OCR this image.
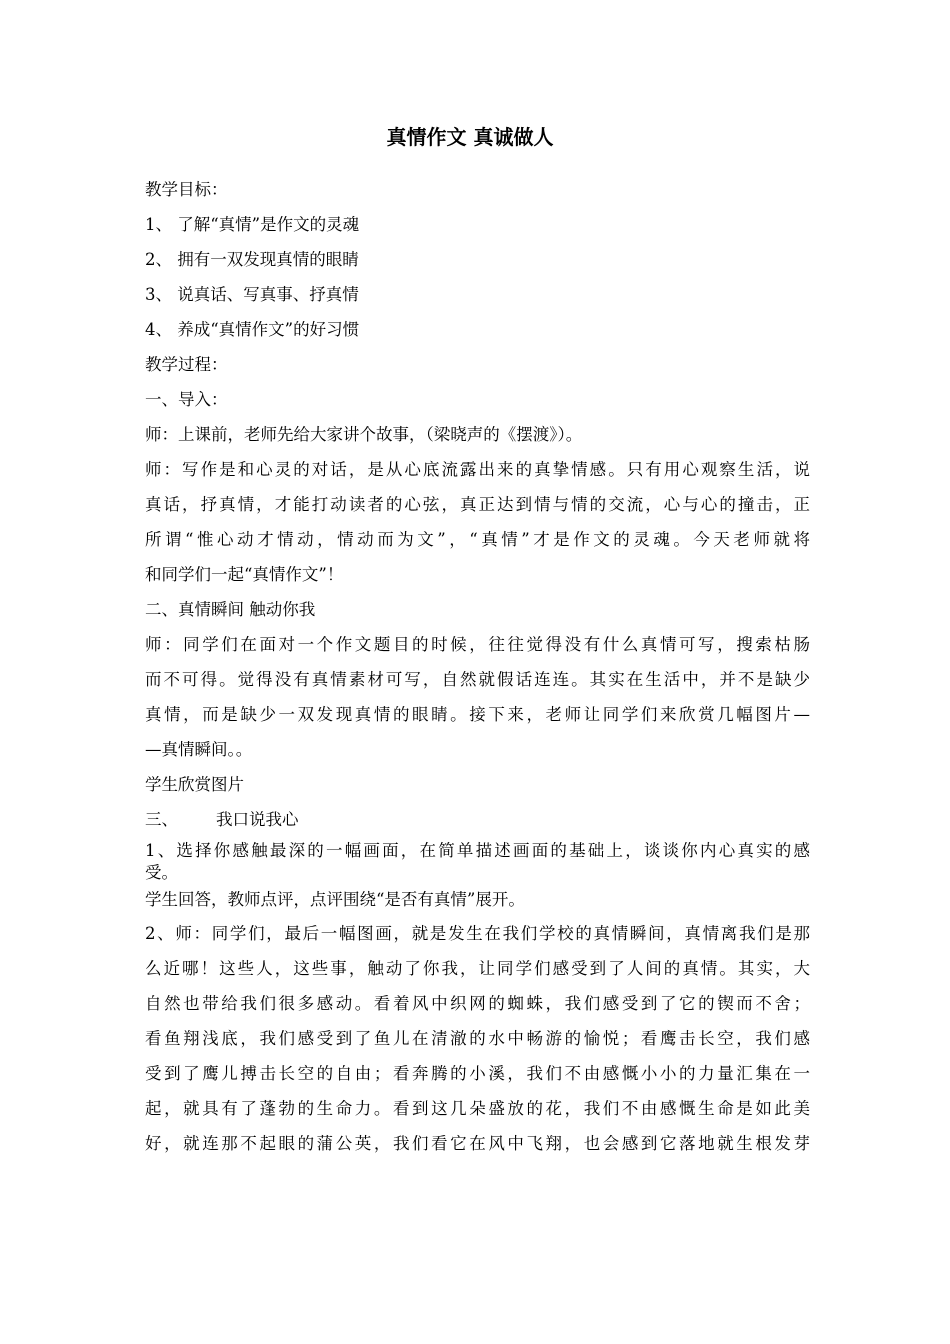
真情作文 真诚做人
教学目标：
1、 了解“真情”是作文的灵魂
2、 拥有一双发现真情的眼睛
3、 说真话、写真事、抒真情
4、 养成“真情作文”的好习惯
教学过程：
一、导入：
师：上课前，老师先给大家讲个故事，（梁晓声的《摆渡》）。
师：写作是和心灵的对话，是从心底流露出来的真挚情感。只有用心观察生活，说
真话，抒真情，才能打动读者的心弦，真正达到情与情的交流，心与心的撞击，正
所谓“惟心动才情动，情动而为文”，“真情”才是作文的灵魂。今天老师就将
和同学们一起“真情作文”！
二、真情瞬间 触动你我
师：同学们在面对一个作文题目的时候，往往觉得没有什么真情可写，搜索枯肠
而不可得。觉得没有真情素材可写，自然就假话连连。其实在生活中，并不是缺少
真情，而是缺少一双发现真情的眼睛。接下来，老师让同学们来欣赏几幅图片—
—真情瞬间。。
学生欣赏图片
三、 我口说我心
1、选择你感触最深的一幅画面，在简单描述画面的基础上，谈谈你内心真实的感
受。
学生回答，教师点评，点评围绕“是否有真情”展开。
2、师：同学们，最后一幅图画，就是发生在我们学校的真情瞬间，真情离我们是那
么近哪！这些人，这些事，触动了你我，让同学们感受到了人间的真情。其实，大
自然也带给我们很多感动。看着风中织网的蜘蛛，我们感受到了它的锲而不舍；
看鱼翔浅底，我们感受到了鱼儿在清澈的水中畅游的愉悦；看鹰击长空，我们感
受到了鹰儿搏击长空的自由；看奔腾的小溪，我们不由感慨小小的力量汇集在一
起，就具有了蓬勃的生命力。看到这几朵盛放的花，我们不由感慨生命是如此美
好，就连那不起眼的蒲公英，我们看它在风中飞翔，也会感到它落地就生根发芽
